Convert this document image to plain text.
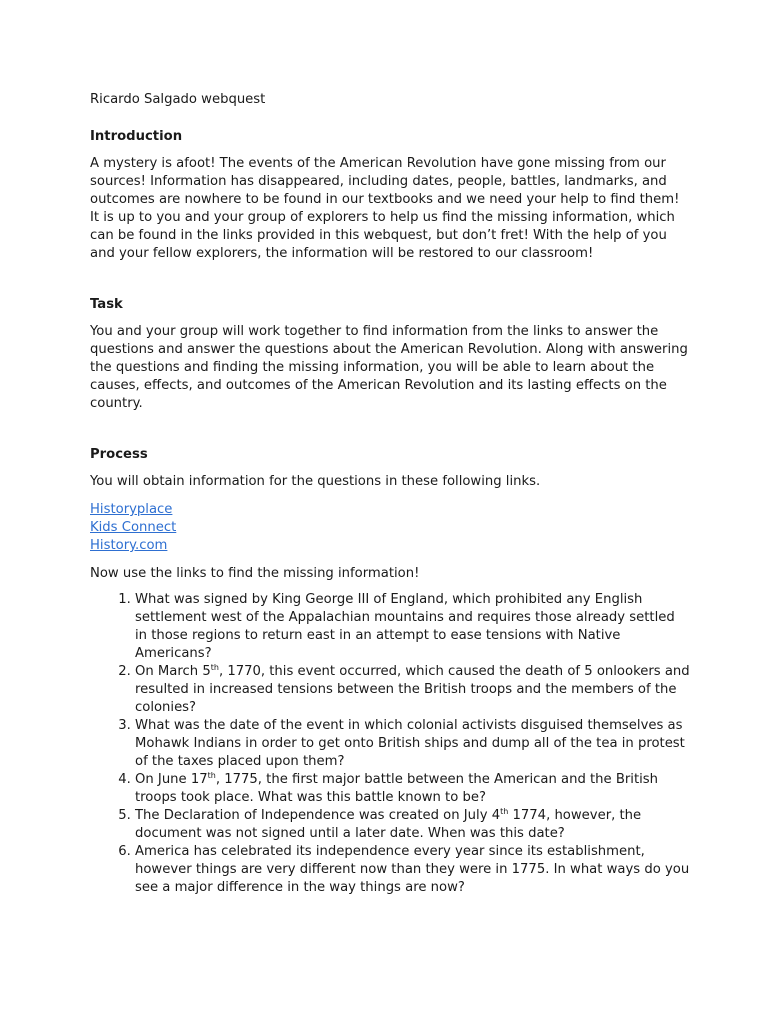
Ricardo Salgado webquest

Introduction

A mystery is afoot! The events of the American Revolution have gone missing from our sources! Information has disappeared, including dates, people, battles, landmarks, and outcomes are nowhere to be found in our textbooks and we need your help to find them! It is up to you and your group of explorers to help us find the missing information, which can be found in the links provided in this webquest, but don’t fret! With the help of you and your fellow explorers, the information will be restored to our classroom!

Task

You and your group will work together to find information from the links to answer the questions and answer the questions about the American Revolution. Along with answering the questions and finding the missing information, you will be able to learn about the causes, effects, and outcomes of the American Revolution and its lasting effects on the country.

Process

You will obtain information for the questions in these following links.

Historyplace
Kids Connect
History.com

Now use the links to find the missing information!

1. What was signed by King George III of England, which prohibited any English settlement west of the Appalachian mountains and requires those already settled in those regions to return east in an attempt to ease tensions with Native Americans?
2. On March 5th, 1770, this event occurred, which caused the death of 5 onlookers and resulted in increased tensions between the British troops and the members of the colonies?
3. What was the date of the event in which colonial activists disguised themselves as Mohawk Indians in order to get onto British ships and dump all of the tea in protest of the taxes placed upon them?
4. On June 17th, 1775, the first major battle between the American and the British troops took place. What was this battle known to be?
5. The Declaration of Independence was created on July 4th 1774, however, the document was not signed until a later date. When was this date?
6. America has celebrated its independence every year since its establishment, however things are very different now than they were in 1775. In what ways do you see a major difference in the way things are now?
